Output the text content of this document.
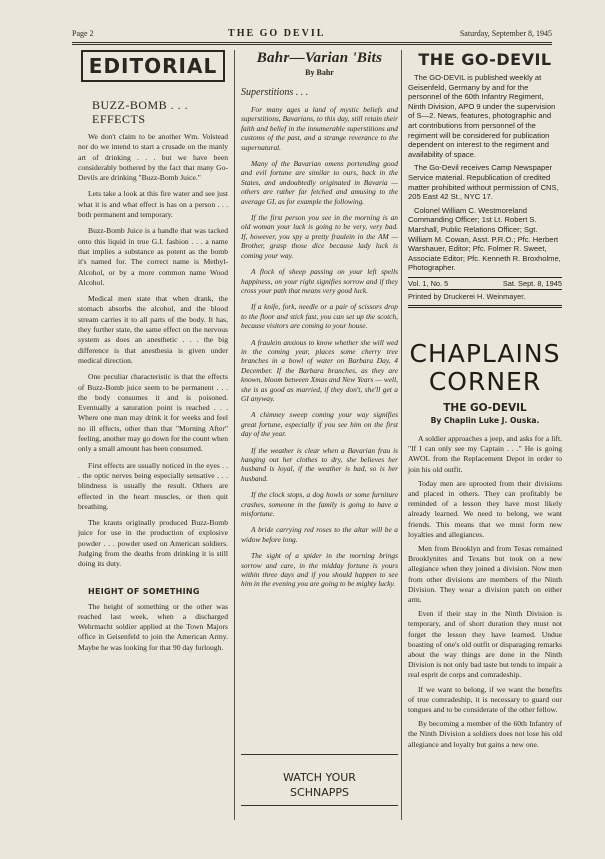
Page 2	THE GO DEVIL	Saturday, September 8, 1945
EDITORIAL
BUZZ-BOMB . . .
EFFECTS

We don't claim to be another Wm. Volstead nor do we intend to start a crusade on the manly art of drinking . . . but we have been considerably bothered by the fact that many Go-Devils are drinking "Buzz-Bomb Juice."

Lets take a look at this fire water and see just what it is and what effect is has on a person . . . both permanent and temporary.

Buzz-Bomb Juice is a handle that was tacked onto this liquid in true G.I. fashion . . . a name that implies a substance as potent as the bomb it's named for. The correct name is Methyl-Alcohol, or by a more common name Wood Alcohol.

Medical men state that when drank, the stomach absorbs the alcohol, and the blood stream carries it to all parts of the body. It has, they further state, the same effect on the nervous system as does an anesthetic . . . the big difference is that anesthesia is given under medical direction.

One peculiar characteristic is that the effects of Buzz-Bomb juice seem to be permanent . . . the body consumes it and is poisoned. Eventually a saturation point is reached . . . Where one man may drink it for weeks and feel no ill effects, other than that "Morning After" feeling, another may go down for the count when only a small amount has been consumed.

First effects are usually noticed in the eyes . . . the optic nerves being especially sensative . . . blindness is usually the result. Others are effected in the heart muscles, or then quit breathing.

The krauts originally produced Buzz-Bomb juice for use in the production of explosive powder . . . powder used on American soldiers. Judging from the deaths from drinking it is still doing its duty.

HEIGHT OF SOMETHING

The height of something or the other was reached last week, when a discharged Wehrmacht soldier applied at the Town Majors office in Geisenfeld to join the American Army. Maybe he was looking for that 90 day furlough.

Bahr—Varian 'Bits
By Bahr
Superstitions . . .

For many ages a land of mystic beliefs and superstitions, Bavarians, to this day, still retain their faith and belief in the innumerable superstitions and customs of the past, and a strange reverance to the supernatural.

Many of the Bavarian omens portending good and evil fortune are similar to ours, back in the States, and undoubtedly originated in Bavaria — others are rather far fetched and amusing to the average GI, as for example the following.

If the first person you see in the morning is an old woman your luck is going to be very, very bad. If, however, you spy a pretty fraulein in the AM — Brother, grasp those dice because lady luck is coming your way.

A flock of sheep passing on your left spells happiness, on your right signifies sorrow and if they cross your path that means very good luck.

If a knife, fork, needle or a pair of scissors drop to the floor and stick fast, you can set up the scotch, because visitors are coming to your house.

A fraulein anxious to know whether she will wed in the coming year, places some cherry tree branches in a bowl of water on Barbara Day, 4 December. If the Barbara branches, as they are known, bloom between Xmas and New Years — well, she is as good as married, if they don't, she'll get a GI anyway.

A chimney sweep coming your way signifies great fortune, especially if you see him on the first day of the year.

If the weather is clear when a Bavarian frau is hanging out her clothes to dry, she believes her husband is loyal, if the weather is bad, so is her husband.

If the clock stops, a dog howls or some furniture crashes, someone in the family is going to have a misfortune.

A bride carrying red roses to the altar will be a widow before long.

The sight of a spider in the morning brings sorrow and care, in the midday fortune is yours within three days and if you should happen to see him in the evening you are going to be mighty lucky.

WATCH YOUR
SCHNAPPS
THE GO-DEVIL
The GO-DEVIL is published weekly at Geisenfeld, Germany by and for the personnel of the 60th Infantry Regiment, Ninth Division, APO 9 under the supervision of S—2. News, features, photographic and art contributions from personnel of the regiment will be considered for publication dependent on interest to the regiment and availability of space.
The Go-Devil receives Camp Newspaper Service material. Republication of credited matter prohibited without permission of CNS, 205 East 42 St., NYC 17.
Colonel William C. Westmoreland Commanding Officer; 1st Lt. Robert S. Marshall, Public Relations Officer; Sgt. William M. Cowan, Asst. P.R.O.; Pfc. Herbert Warshauer, Editor; Pfc. Folmer R. Sweet, Associate Editor; Pfc. Kenneth R. Broxholme, Photographer.
Vol. 1, No. 5	Sat. Sept. 8, 1945
Printed by Druckerei H. Weinmayer.
CHAPLAINS
CORNER
THE GO-DEVIL
By Chaplin Luke J. Ouska.

A soldier approaches a jeep, and asks for a lift. "If I can only see my Captain . . ." He is going AWOL from the Replacement Depot in order to join his old outfit.

Today men are uprooted from their divisions and placed in others. They can profitably be reminded of a lesson they have most likely already learned. We need to belong, we want friends. This means that we must form new loyalties and allegiances.

Men from Brooklyn and from Texas remained Brooklynites and Texans but took on a new allegiance when they joined a division. Now men from other divisions are members of the Ninth Division. They wear a division patch on either arm.

Even if their stay in the Ninth Division is temporary, and of short duration they must not forget the lesson they have learned. Undue boasting of one's old outfit or disparaging remarks about the way things are done in the Ninth Division is not only bad taste but tends to impair a real esprit de corps and comradeship.

If we want to belong, if we want the benefits of true comradeship, it is necessary to guard our tongues and to be considerate of the other fellow.

By becoming a member of the 60th Infantry of the Ninth Division a soldiers does not lose his old allegiance and loyalty but gains a new one.
